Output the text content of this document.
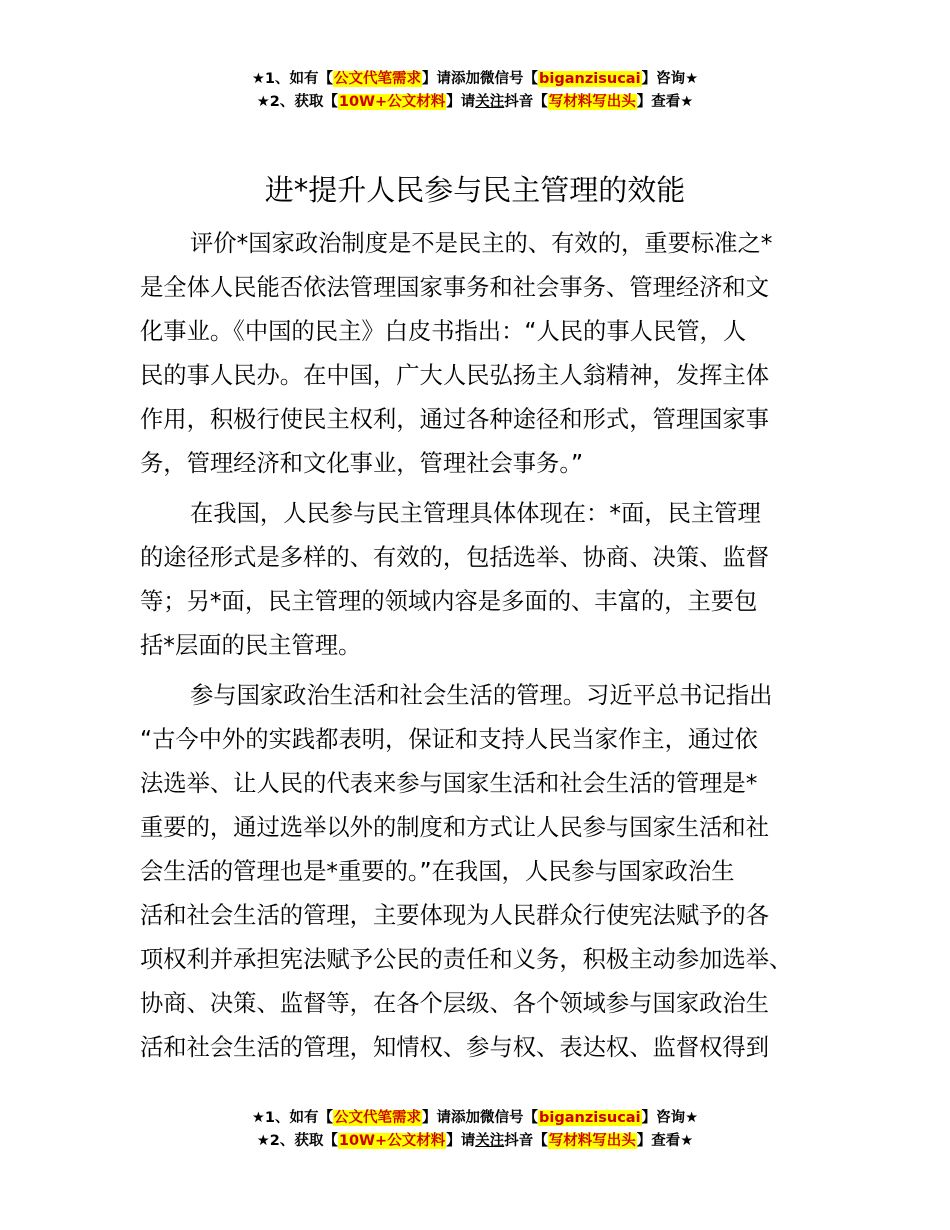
★1、如有【公文代笔需求】请添加微信号【biganzisucai】咨询★
★2、获取【10W+公文材料】请关注抖音【写材料写出头】查看★
进*提升人民参与民主管理的效能
评价*国家政治制度是不是民主的、有效的，重要标准之*
是全体人民能否依法管理国家事务和社会事务、管理经济和文
化事业。《中国的民主》白皮书指出：“人民的事人民管，人
民的事人民办。在中国，广大人民弘扬主人翁精神，发挥主体
作用，积极行使民主权利，通过各种途径和形式，管理国家事
务，管理经济和文化事业，管理社会事务。”
在我国，人民参与民主管理具体体现在：*面，民主管理
的途径形式是多样的、有效的，包括选举、协商、决策、监督
等；另*面，民主管理的领域内容是多面的、丰富的，主要包
括*层面的民主管理。
参与国家政治生活和社会生活的管理。习近平总书记指出
“古今中外的实践都表明，保证和支持人民当家作主，通过依
法选举、让人民的代表来参与国家生活和社会生活的管理是*
重要的，通过选举以外的制度和方式让人民参与国家生活和社
会生活的管理也是*重要的。”在我国，人民参与国家政治生
活和社会生活的管理，主要体现为人民群众行使宪法赋予的各
项权利并承担宪法赋予公民的责任和义务，积极主动参加选举、
协商、决策、监督等，在各个层级、各个领域参与国家政治生
活和社会生活的管理，知情权、参与权、表达权、监督权得到
★1、如有【公文代笔需求】请添加微信号【biganzisucai】咨询★
★2、获取【10W+公文材料】请关注抖音【写材料写出头】查看★
